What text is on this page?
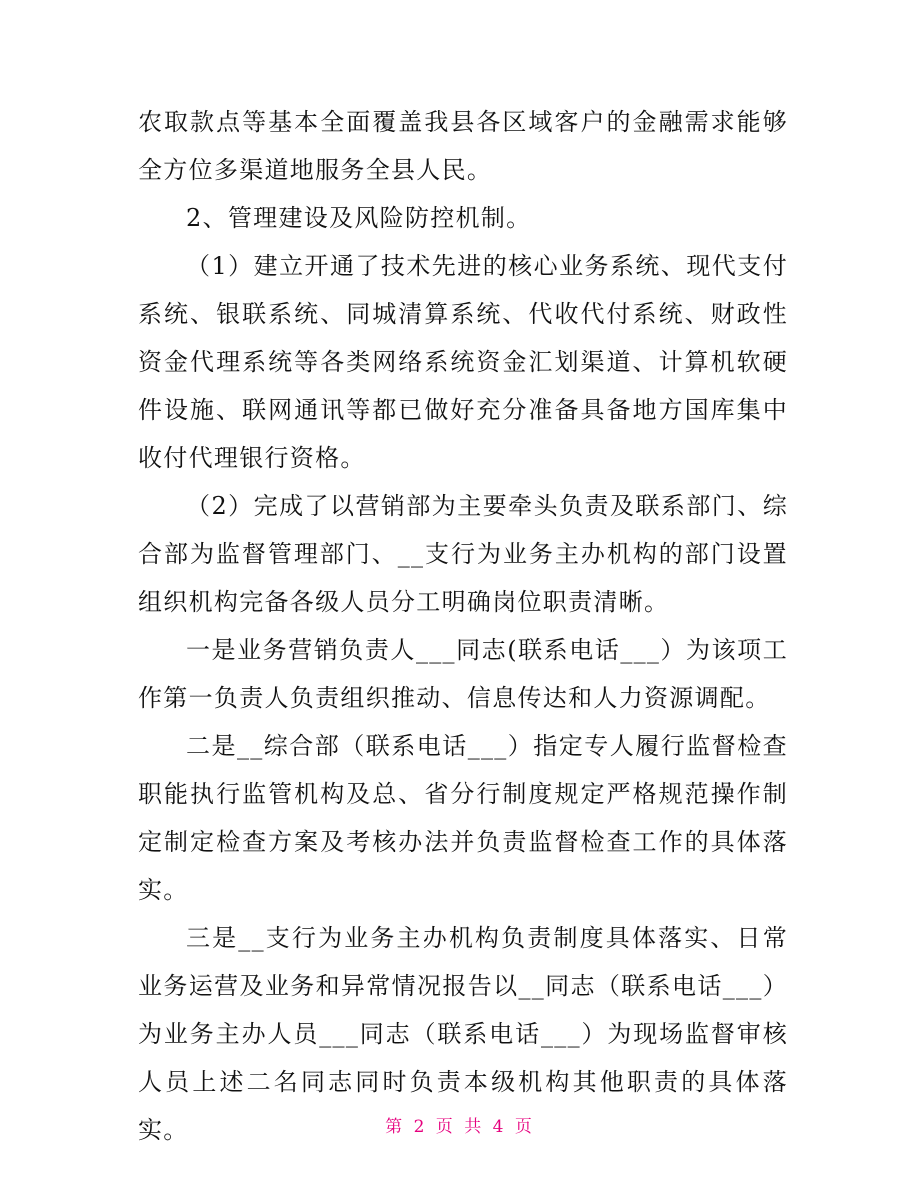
农取款点等基本全面覆盖我县各区域客户的金融需求能够全方位多渠道地服务全县人民。

2、管理建设及风险防控机制。

（1）建立开通了技术先进的核心业务系统、现代支付系统、银联系统、同城清算系统、代收代付系统、财政性资金代理系统等各类网络系统资金汇划渠道、计算机软硬件设施、联网通讯等都已做好充分准备具备地方国库集中收付代理银行资格。

（2）完成了以营销部为主要牵头负责及联系部门、综合部为监督管理部门、__支行为业务主办机构的部门设置组织机构完备各级人员分工明确岗位职责清晰。

一是业务营销负责人___同志(联系电话___）为该项工作第一负责人负责组织推动、信息传达和人力资源调配。

二是__综合部（联系电话___）指定专人履行监督检查职能执行监管机构及总、省分行制度规定严格规范操作制定制定检查方案及考核办法并负责监督检查工作的具体落实。

三是__支行为业务主办机构负责制度具体落实、日常业务运营及业务和异常情况报告以__同志（联系电话___）为业务主办人员___同志（联系电话___）为现场监督审核人员上述二名同志同时负责本级机构其他职责的具体落实。	第 2 页 共 4 页
